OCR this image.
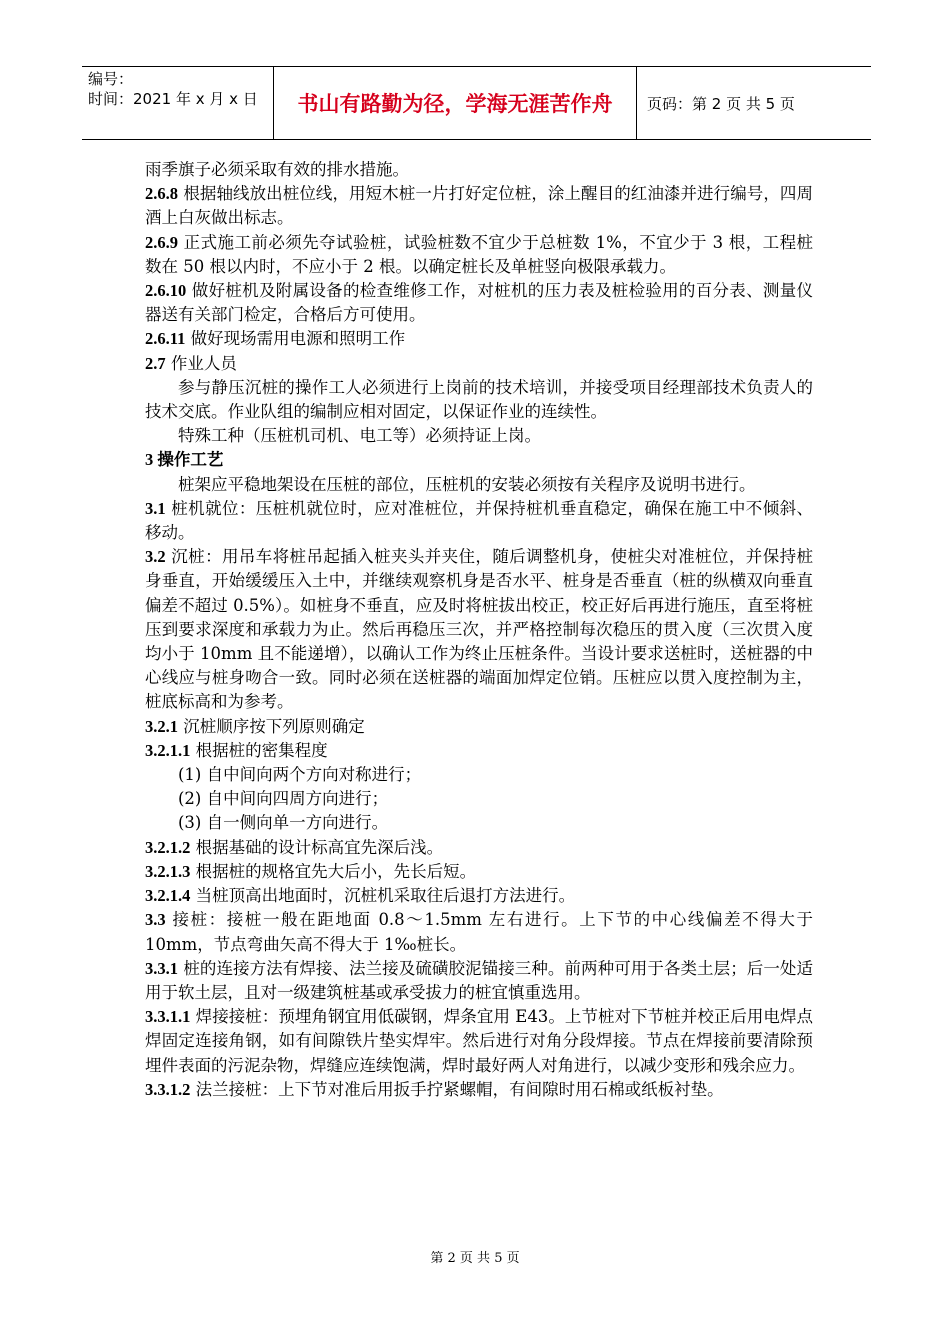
编号：
时间：2021 年 x 月 x 日	书山有路勤为径，学海无涯苦作舟	页码：第 2 页 共 5 页

雨季旗子必须采取有效的排水措施。

2.6.8 根据轴线放出桩位线，用短木桩一片打好定位桩，涂上醒目的红油漆并进行编号，四周酒上白灰做出标志。

2.6.9 正式施工前必须先夺试验桩，试验桩数不宜少于总桩数 1%，不宜少于 3 根，工程桩数在 50 根以内时，不应小于 2 根。以确定桩长及单桩竖向极限承载力。

2.6.10 做好桩机及附属设备的检查维修工作，对桩机的压力表及桩检验用的百分表、测量仪器送有关部门检定，合格后方可使用。

2.6.11 做好现场需用电源和照明工作

2.7 作业人员

参与静压沉桩的操作工人必须进行上岗前的技术培训，并接受项目经理部技术负责人的技术交底。作业队组的编制应相对固定，以保证作业的连续性。

特殊工种（压桩机司机、电工等）必须持证上岗。

3 操作工艺

桩架应平稳地架设在压桩的部位，压桩机的安装必须按有关程序及说明书进行。

3.1 桩机就位：压桩机就位时，应对准桩位，并保持桩机垂直稳定，确保在施工中不倾斜、移动。

3.2 沉桩：用吊车将桩吊起插入桩夹头并夹住，随后调整机身，使桩尖对准桩位，并保持桩身垂直，开始缓缓压入土中，并继续观察机身是否水平、桩身是否垂直（桩的纵横双向垂直偏差不超过 0.5%）。如桩身不垂直，应及时将桩拔出校正，校正好后再进行施压，直至将桩压到要求深度和承载力为止。然后再稳压三次，并严格控制每次稳压的贯入度（三次贯入度均小于 10mm 且不能递增），以确认工作为终止压桩条件。当设计要求送桩时，送桩器的中心线应与桩身吻合一致。同时必须在送桩器的端面加焊定位销。压桩应以贯入度控制为主，桩底标高和为参考。

3.2.1 沉桩顺序按下列原则确定

3.2.1.1 根据桩的密集程度

(1) 自中间向两个方向对称进行；

(2) 自中间向四周方向进行；

(3) 自一侧向单一方向进行。

3.2.1.2 根据基础的设计标高宜先深后浅。

3.2.1.3 根据桩的规格宜先大后小，先长后短。

3.2.1.4 当桩顶高出地面时，沉桩机采取往后退打方法进行。

3.3 接桩：接桩一般在距地面 0.8～1.5mm 左右进行。上下节的中心线偏差不得大于 10mm，节点弯曲矢高不得大于 1‰桩长。

3.3.1 桩的连接方法有焊接、法兰接及硫磺胶泥锚接三种。前两种可用于各类土层；后一处适用于软土层，且对一级建筑桩基或承受拔力的桩宜慎重选用。

3.3.1.1 焊接接桩：预埋角钢宜用低碳钢，焊条宜用 E43。上节桩对下节桩并校正后用电焊点焊固定连接角钢，如有间隙铁片垫实焊牢。然后进行对角分段焊接。节点在焊接前要清除预埋件表面的污泥杂物，焊缝应连续饱满，焊时最好两人对角进行，以减少变形和残余应力。

3.3.1.2 法兰接桩：上下节对准后用扳手拧紧螺帽，有间隙时用石棉或纸板衬垫。

第 2 页 共 5 页
